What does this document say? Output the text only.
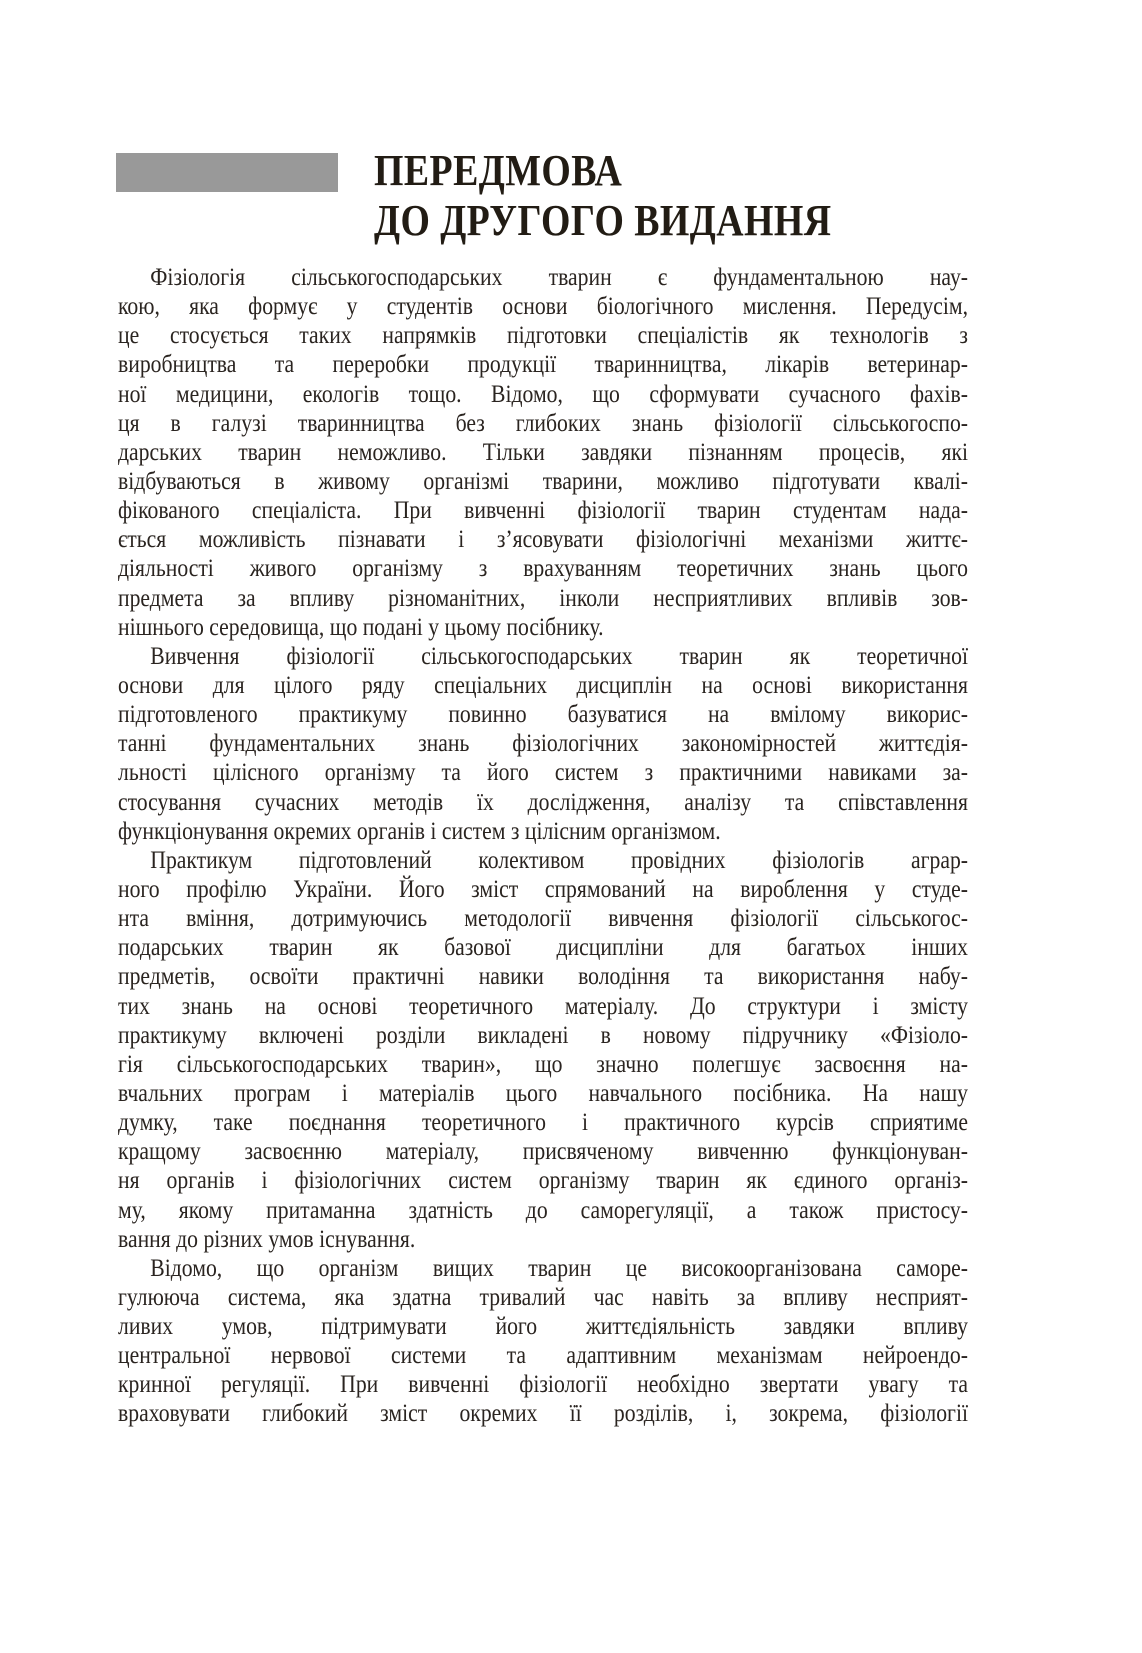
ПЕРЕДМОВА
ДО ДРУГОГО ВИДАННЯ
Фізіологія сільськогосподарських тварин є фундаментальною нау-
кою, яка формує у студентів основи біологічного мислення. Передусім,
це стосується таких напрямків підготовки спеціалістів як технологів з
виробництва та переробки продукції тваринництва, лікарів ветеринар-
ної медицини, екологів тощо. Відомо, що сформувати сучасного фахів-
ця в галузі тваринництва без глибоких знань фізіології сільськогоспо-
дарських тварин неможливо. Тільки завдяки пізнанням процесів, які
відбуваються в живому організмі тварини, можливо підготувати квалі-
фікованого спеціаліста. При вивченні фізіології тварин студентам нада-
ється можливість пізнавати і з’ясовувати фізіологічні механізми життє-
діяльності живого організму з врахуванням теоретичних знань цього
предмета за впливу різноманітних, інколи несприятливих впливів зов-
нішнього середовища, що подані у цьому посібнику.
Вивчення фізіології сільськогосподарських тварин як теоретичної
основи для цілого ряду спеціальних дисциплін на основі використання
підготовленого практикуму повинно базуватися на вмілому викорис-
танні фундаментальних знань фізіологічних закономірностей життєдія-
льності цілісного організму та його систем з практичними навиками за-
стосування сучасних методів їх дослідження, аналізу та співставлення
функціонування окремих органів і систем з цілісним організмом.
Практикум підготовлений колективом провідних фізіологів аграр-
ного профілю України. Його зміст спрямований на вироблення у студе-
нта вміння, дотримуючись методології вивчення фізіології сільськогос-
подарських тварин як базової дисципліни для багатьох інших
предметів, освоїти практичні навики володіння та використання набу-
тих знань на основі теоретичного матеріалу. До структури і змісту
практикуму включені розділи викладені в новому підручнику «Фізіоло-
гія сільськогосподарських тварин», що значно полегшує засвоєння на-
вчальних програм і матеріалів цього навчального посібника. На нашу
думку, таке поєднання теоретичного і практичного курсів сприятиме
кращому засвоєнню матеріалу, присвяченому вивченню функціонуван-
ня органів і фізіологічних систем організму тварин як єдиного організ-
му, якому притаманна здатність до саморегуляції, а також пристосу-
вання до різних умов існування.
Відомо, що організм вищих тварин це високоорганізована саморе-
гулююча система, яка здатна тривалий час навіть за впливу несприят-
ливих умов, підтримувати його життєдіяльність завдяки впливу
центральної нервової системи та адаптивним механізмам нейроендо-
кринної регуляції. При вивченні фізіології необхідно звертати увагу та
враховувати глибокий зміст окремих її розділів, і, зокрема, фізіології
